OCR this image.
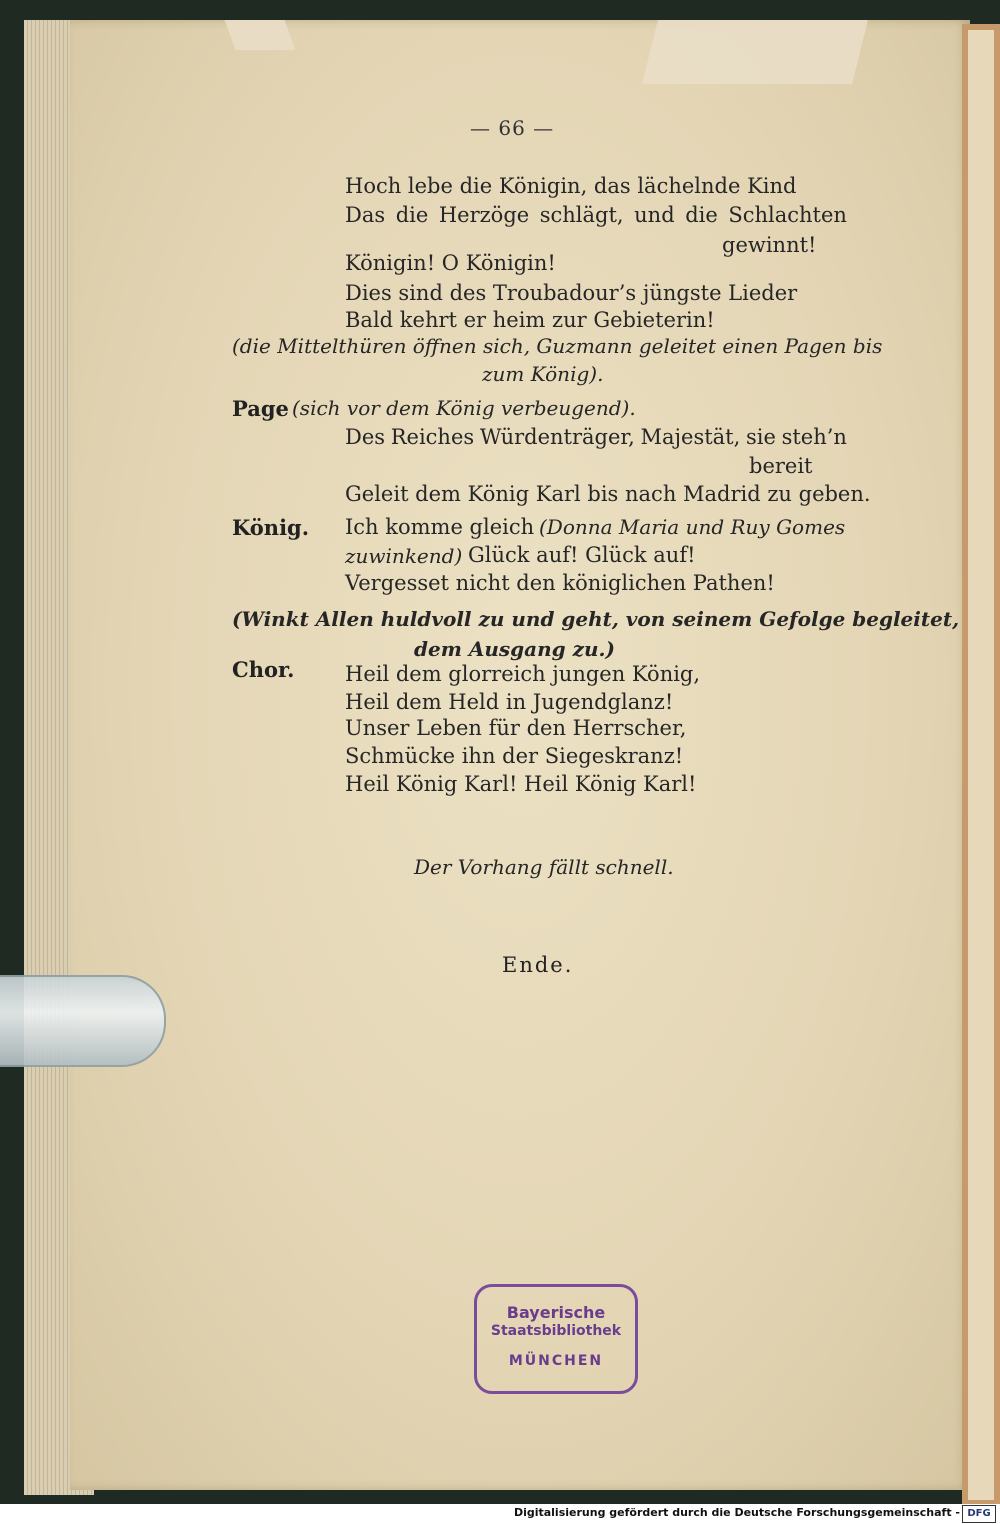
— 66 —
Hoch lebe die Königin, das lächelnde Kind
Das die Herzöge schlägt, und die Schlachten
gewinnt!
Königin! O Königin!
Dies sind des Troubadour’s jüngste Lieder
Bald kehrt er heim zur Gebieterin!
(die Mittelthüren öffnen sich, Guzmann geleitet einen Pagen bis
zum König).
Page (sich vor dem König verbeugend).
Des Reiches Würdenträger, Majestät, sie steh’n
bereit
Geleit dem König Karl bis nach Madrid zu geben.
König. Ich komme gleich (Donna Maria und Ruy Gomes
zuwinkend) Glück auf! Glück auf!
Vergesset nicht den königlichen Pathen!
(Winkt Allen huldvoll zu und geht, von seinem Gefolge begleitet,
dem Ausgang zu.)
Chor. Heil dem glorreich jungen König,
Heil dem Held in Jugendglanz!
Unser Leben für den Herrscher,
Schmücke ihn der Siegeskranz!
Heil König Karl! Heil König Karl!
Der Vorhang fällt schnell.
Ende.
Bayerische
Staatsbibliothek
MÜNCHEN
Digitalisierung gefördert durch die Deutsche Forschungsgemeinschaft - DFG
